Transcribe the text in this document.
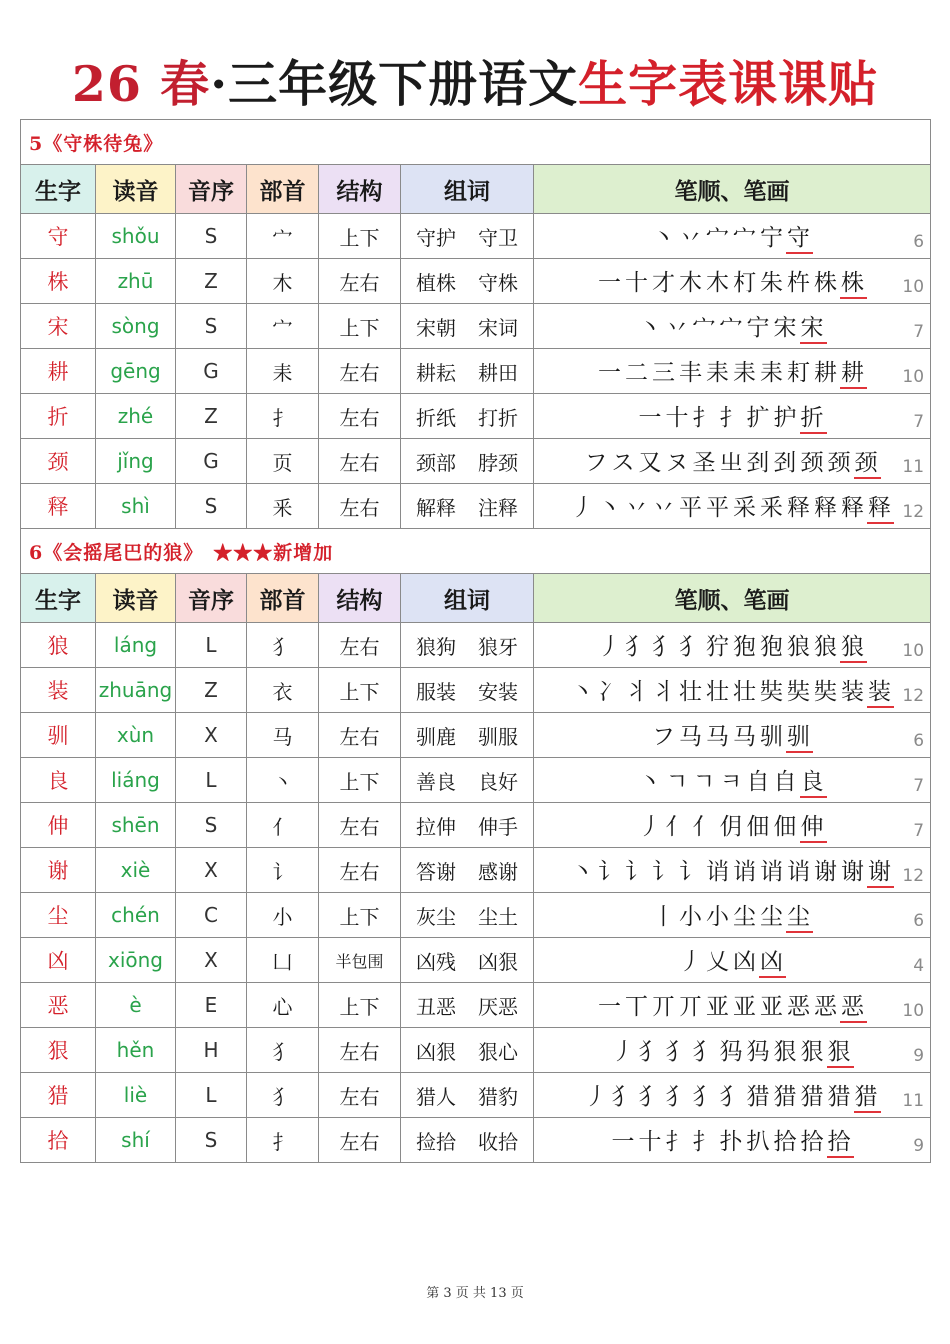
26 春·三年级下册语文生字表课课贴
5《守株待兔》						
生字	读音	音序	部首	结构	组词	笔顺、笔画
守	shǒu	S	宀	上下	守护 守卫	丶丷宀宀宁守 6

株	zhū	Z	木	左右	植株 守株	一十才木木朾朱杵株株 10

宋	sòng	S	宀	上下	宋朝 宋词	丶丷宀宀宁宋宋 7

耕	gēng	G	耒	左右	耕耘 耕田	一二三丰耒耒耒耓耕耕 10

折	zhé	Z	扌	左右	折纸 打折	一十扌扌扩护折 7

颈	jǐng	G	页	左右	颈部 脖颈	フス又ヌ圣㞢刭刭颈颈颈 11

释	shì	S	釆	左右	解释 注释	丿丶丷丷平平采釆释释释释 12

6《会摇尾巴的狼》 ★★★新增加						
生字	读音	音序	部首	结构	组词	笔顺、笔画
狼	láng	L	犭	左右	狼狗 狼牙	丿犭犭犭狞狍狍狼狼狼 10

装	zhuāng	Z	衣	上下	服装 安装	丶冫丬丬壮壮壮奘奘奘装装 12

驯	xùn	X	马	左右	驯鹿 驯服	フ马马马驯驯 6

良	liáng	L	丶	上下	善良 良好	丶 ㄱ ㄱ ㅋ 自自良 7

伸	shēn	S	亻	左右	拉伸 伸手	丿亻亻仴佃佃伸 7

谢	xiè	X	讠	左右	答谢 感谢	丶讠讠讠讠诮诮诮诮谢谢谢 12

尘	chén	C	小	上下	灰尘 尘土	丨小小尘尘尘 6

凶	xiōng	X	凵	半包围	凶残 凶狠	丿乂凶凶 4

恶	è	E	心	上下	丑恶 厌恶	一丅丌丌亚亚亚恶恶恶 10

狠	hěn	H	犭	左右	凶狠 狠心	丿犭犭犭犸犸狠狠狠 9

猎	liè	L	犭	左右	猎人 猎豹	丿犭犭犭犭犭猎猎猎猎猎 11

拾	shí	S	扌	左右	捡拾 收拾	一十扌扌扑扒拾拾拾 9
第 3 页 共 13 页
